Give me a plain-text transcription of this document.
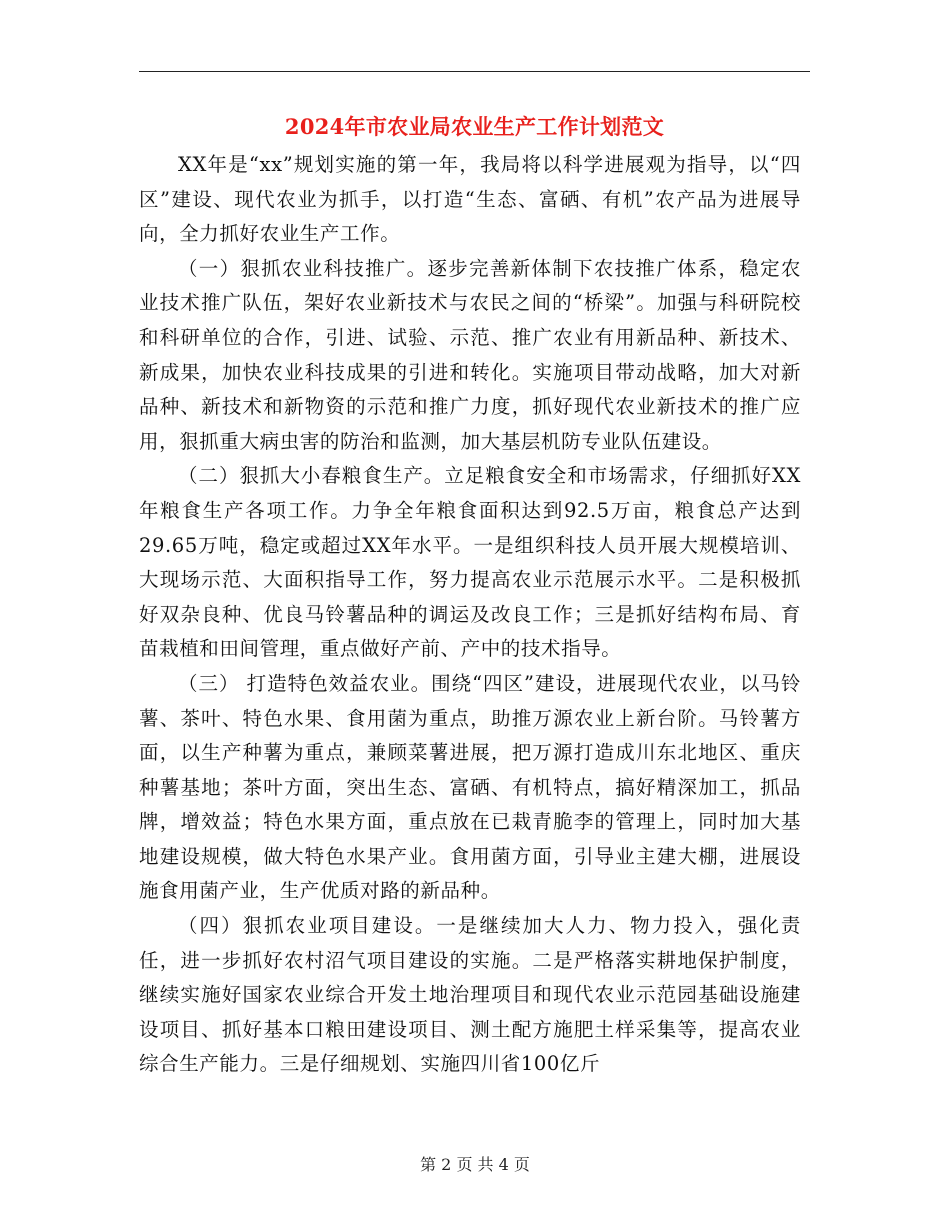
2024年市农业局农业生产工作计划范文

XX年是“xx”规划实施的第一年，我局将以科学进展观为指导，以“四区”建设、现代农业为抓手，以打造“生态、富硒、有机”农产品为进展导向，全力抓好农业生产工作。

（一）狠抓农业科技推广。逐步完善新体制下农技推广体系，稳定农业技术推广队伍，架好农业新技术与农民之间的“桥梁”。加强与科研院校和科研单位的合作，引进、试验、示范、推广农业有用新品种、新技术、新成果，加快农业科技成果的引进和转化。实施项目带动战略，加大对新品种、新技术和新物资的示范和推广力度，抓好现代农业新技术的推广应用，狠抓重大病虫害的防治和监测，加大基层机防专业队伍建设。

（二）狠抓大小春粮食生产。立足粮食安全和市场需求，仔细抓好XX年粮食生产各项工作。力争全年粮食面积达到92.5万亩，粮食总产达到29.65万吨，稳定或超过XX年水平。一是组织科技人员开展大规模培训、大现场示范、大面积指导工作，努力提高农业示范展示水平。二是积极抓好双杂良种、优良马铃薯品种的调运及改良工作；三是抓好结构布局、育苗栽植和田间管理，重点做好产前、产中的技术指导。

（三） 打造特色效益农业。围绕“四区”建设，进展现代农业，以马铃薯、茶叶、特色水果、食用菌为重点，助推万源农业上新台阶。马铃薯方面，以生产种薯为重点，兼顾菜薯进展，把万源打造成川东北地区、重庆种薯基地；茶叶方面，突出生态、富硒、有机特点，搞好精深加工，抓品牌，增效益；特色水果方面，重点放在已栽青脆李的管理上，同时加大基地建设规模，做大特色水果产业。食用菌方面，引导业主建大棚，进展设施食用菌产业，生产优质对路的新品种。

（四）狠抓农业项目建设。一是继续加大人力、物力投入，强化责任，进一步抓好农村沼气项目建设的实施。二是严格落实耕地保护制度，继续实施好国家农业综合开发土地治理项目和现代农业示范园基础设施建设项目、抓好基本口粮田建设项目、测土配方施肥土样采集等，提高农业综合生产能力。三是仔细规划、实施四川省100亿斤

第 2 页 共 4 页
